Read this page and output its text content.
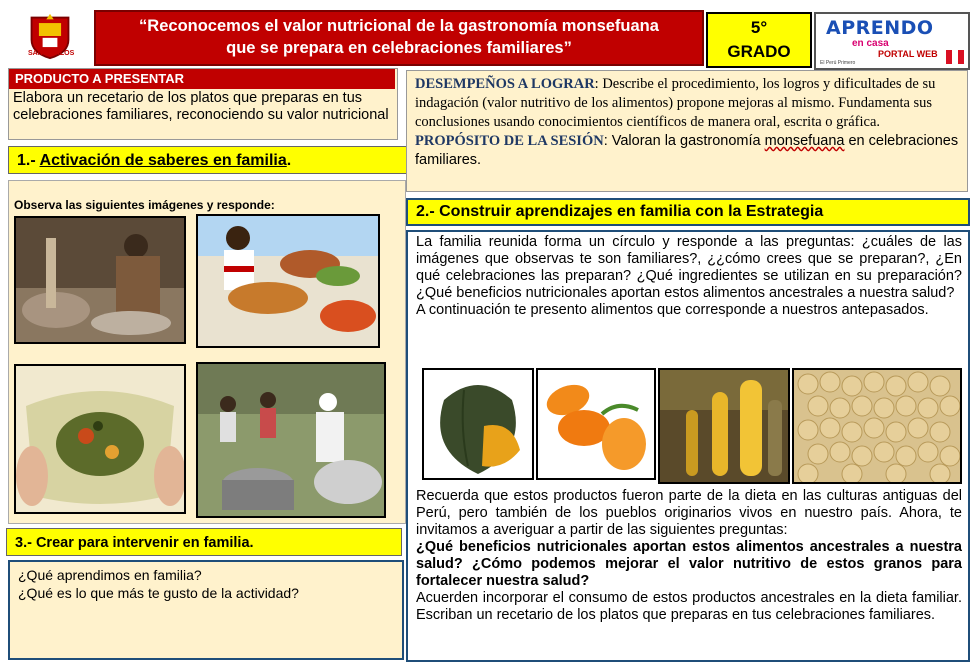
SAN CARLOS
“Reconocemos el valor nutricional de la gastronomía monsefuana
que se prepara en celebraciones familiares”
5°
GRADO
APRENDO
en casa
PORTAL WEB
El Perú Primero
PRODUCTO A PRESENTAR
Elabora un recetario de los platos que preparas en tus celebraciones familiares, reconociendo su valor nutricional
1.- Activación de saberes en familia.
Observa las siguientes imágenes y responde:
3.- Crear para intervenir en familia.
¿Qué aprendimos en familia?
¿Qué es lo que más te gusto de la actividad?
DESEMPEÑOS A LOGRAR: Describe el procedimiento, los logros y dificultades de su indagación (valor nutritivo de los alimentos) propone mejoras al mismo. Fundamenta sus conclusiones usando conocimientos científicos de manera oral, escrita o gráfica.
PROPÓSITO DE LA SESIÓN: Valoran la gastronomía monsefuana en celebraciones familiares.
2.- Construir aprendizajes en familia con la Estrategia
La familia reunida forma un círculo y responde a las preguntas: ¿cuáles de las imágenes que observas te son familiares?, ¿¿cómo crees que se preparan?, ¿En qué celebraciones las preparan? ¿Qué ingredientes se utilizan en su preparación? ¿Qué beneficios nutricionales aportan estos alimentos ancestrales a nuestra salud?
A continuación te presento alimentos que corresponde a nuestros antepasados.
Recuerda que estos productos fueron parte de la dieta en las culturas antiguas del Perú, pero también de los pueblos originarios vivos en nuestro país. Ahora, te invitamos a averiguar a partir de las siguientes preguntas:
¿Qué beneficios nutricionales aportan estos alimentos ancestrales a nuestra salud? ¿Cómo podemos mejorar el valor nutritivo de estos granos para fortalecer nuestra salud?
Acuerden incorporar el consumo de estos productos ancestrales en la dieta familiar. Escriban un recetario de los platos que preparas en tus celebraciones familiares.
